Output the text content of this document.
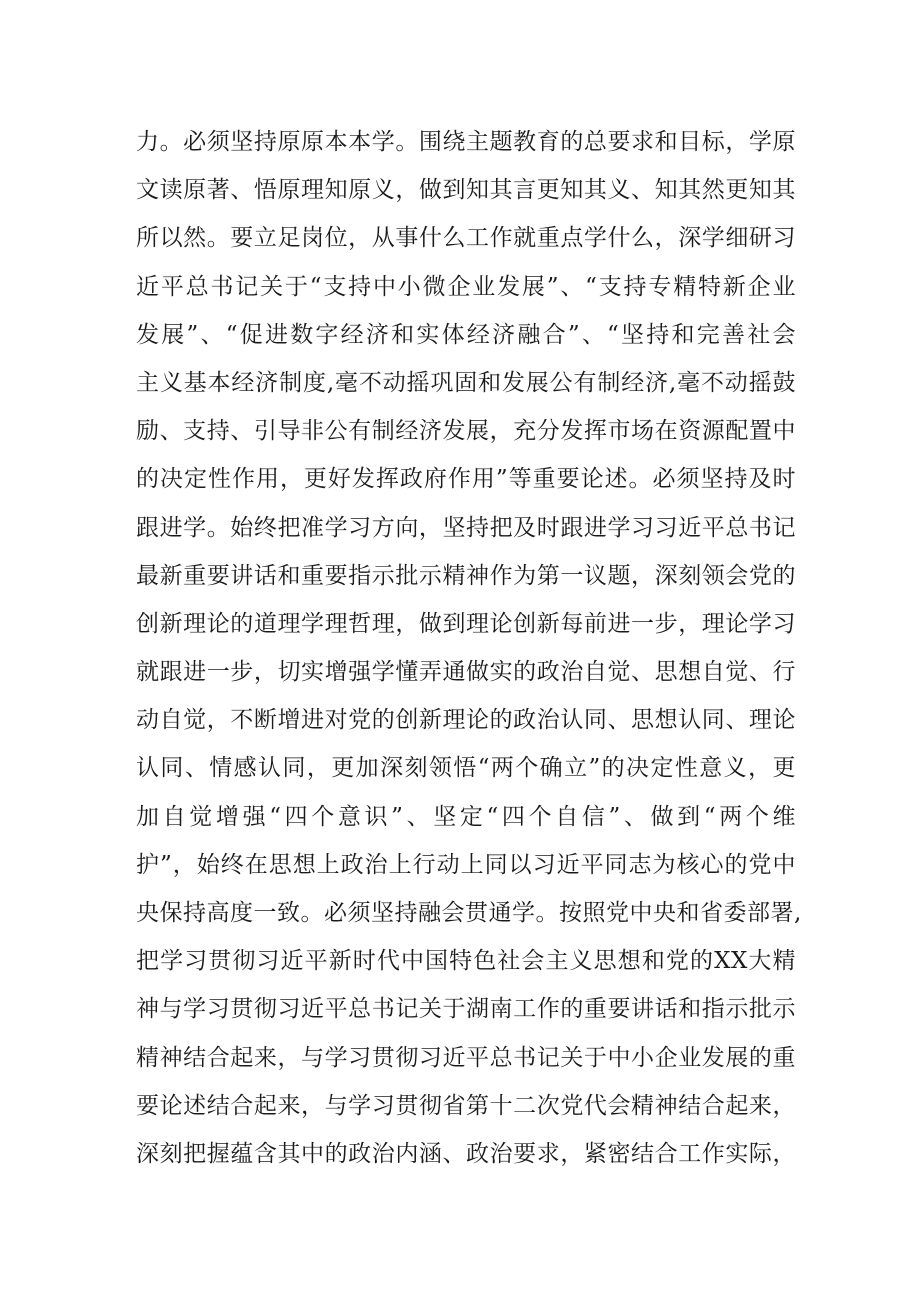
力。必须坚持原原本本学。围绕主题教育的总要求和目标，学原
文读原著、悟原理知原义，做到知其言更知其义、知其然更知其
所以然。要立足岗位，从事什么工作就重点学什么，深学细研习
近平总书记关于“支持中小微企业发展”、“支持专精特新企业
发展”、“促进数字经济和实体经济融合”、“坚持和完善社会
主义基本经济制度,毫不动摇巩固和发展公有制经济,毫不动摇鼓
励、支持、引导非公有制经济发展，充分发挥市场在资源配置中
的决定性作用，更好发挥政府作用”等重要论述。必须坚持及时
跟进学。始终把准学习方向，坚持把及时跟进学习习近平总书记
最新重要讲话和重要指示批示精神作为第一议题，深刻领会党的
创新理论的道理学理哲理，做到理论创新每前进一步，理论学习
就跟进一步，切实增强学懂弄通做实的政治自觉、思想自觉、行
动自觉，不断增进对党的创新理论的政治认同、思想认同、理论
认同、情感认同，更加深刻领悟“两个确立”的决定性意义，更
加自觉增强“四个意识”、坚定“四个自信”、做到“两个维
护”，始终在思想上政治上行动上同以习近平同志为核心的党中
央保持高度一致。必须坚持融会贯通学。按照党中央和省委部署,
把学习贯彻习近平新时代中国特色社会主义思想和党的XX大精
神与学习贯彻习近平总书记关于湖南工作的重要讲话和指示批示
精神结合起来，与学习贯彻习近平总书记关于中小企业发展的重
要论述结合起来，与学习贯彻省第十二次党代会精神结合起来，
深刻把握蕴含其中的政治内涵、政治要求，紧密结合工作实际，
